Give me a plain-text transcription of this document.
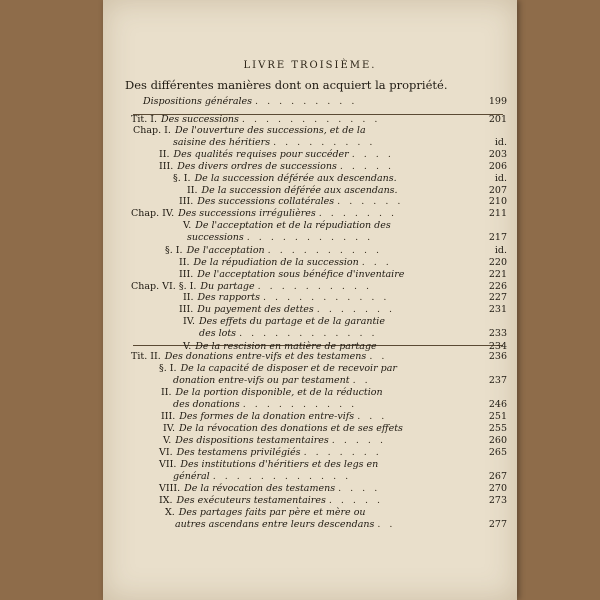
LIVRE TROISIÈME.
Des différentes manières dont on acquiert la propriété.
Dispositions générales . . . . . . . . .	199
Tit. I. Des successions . . . . . . . . . . . .	201
Chap. I. De l'ouverture des successions, et de la
saisine des héritiers . . . . . . . . .	id.
II. Des qualités requises pour succéder . . . .	203
III. Des divers ordres de successions . . . . .	206
§. I. De la succession déférée aux descendans.	id.
II. De la succession déférée aux ascendans.	207
III. Des successions collatérales . . . . . .	210
Chap. IV. Des successions irrégulières . . . . . . .	211
V. De l'acceptation et de la répudiation des
successions . . . . . . . . . . .	217
§. I. De l'acceptation . . . . . . . . . .	id.
II. De la répudiation de la succession . . .	220
III. De l'acceptation sous bénéfice d'inventaire	221
Chap. VI. §. I. Du partage . . . . . . . . . .	226
II. Des rapports . . . . . . . . . . .	227
III. Du payement des dettes . . . . . . .	231
IV. Des effets du partage et de la garantie
des lots . . . . . . . . . . . .	233
V. De la rescision en matière de partage	234
Tit. II. Des donations entre-vifs et des testamens . .	236
§. I. De la capacité de disposer et de recevoir par
donation entre-vifs ou par testament . .	237
II. De la portion disponible, et de la réduction
des donations . . . . . . . . . .	246
III. Des formes de la donation entre-vifs . . .	251
IV. De la révocation des donations et de ses effets	255
V. Des dispositions testamentaires . . . . .	260
VI. Des testamens privilégiés . . . . . . .	265
VII. Des institutions d'héritiers et des legs en
général . . . . . . . . . . . .	267
VIII. De la révocation des testamens . . . .	270
IX. Des exécuteurs testamentaires . . . . .	273
X. Des partages faits par père et mère ou
autres ascendans entre leurs descendans . .	277
